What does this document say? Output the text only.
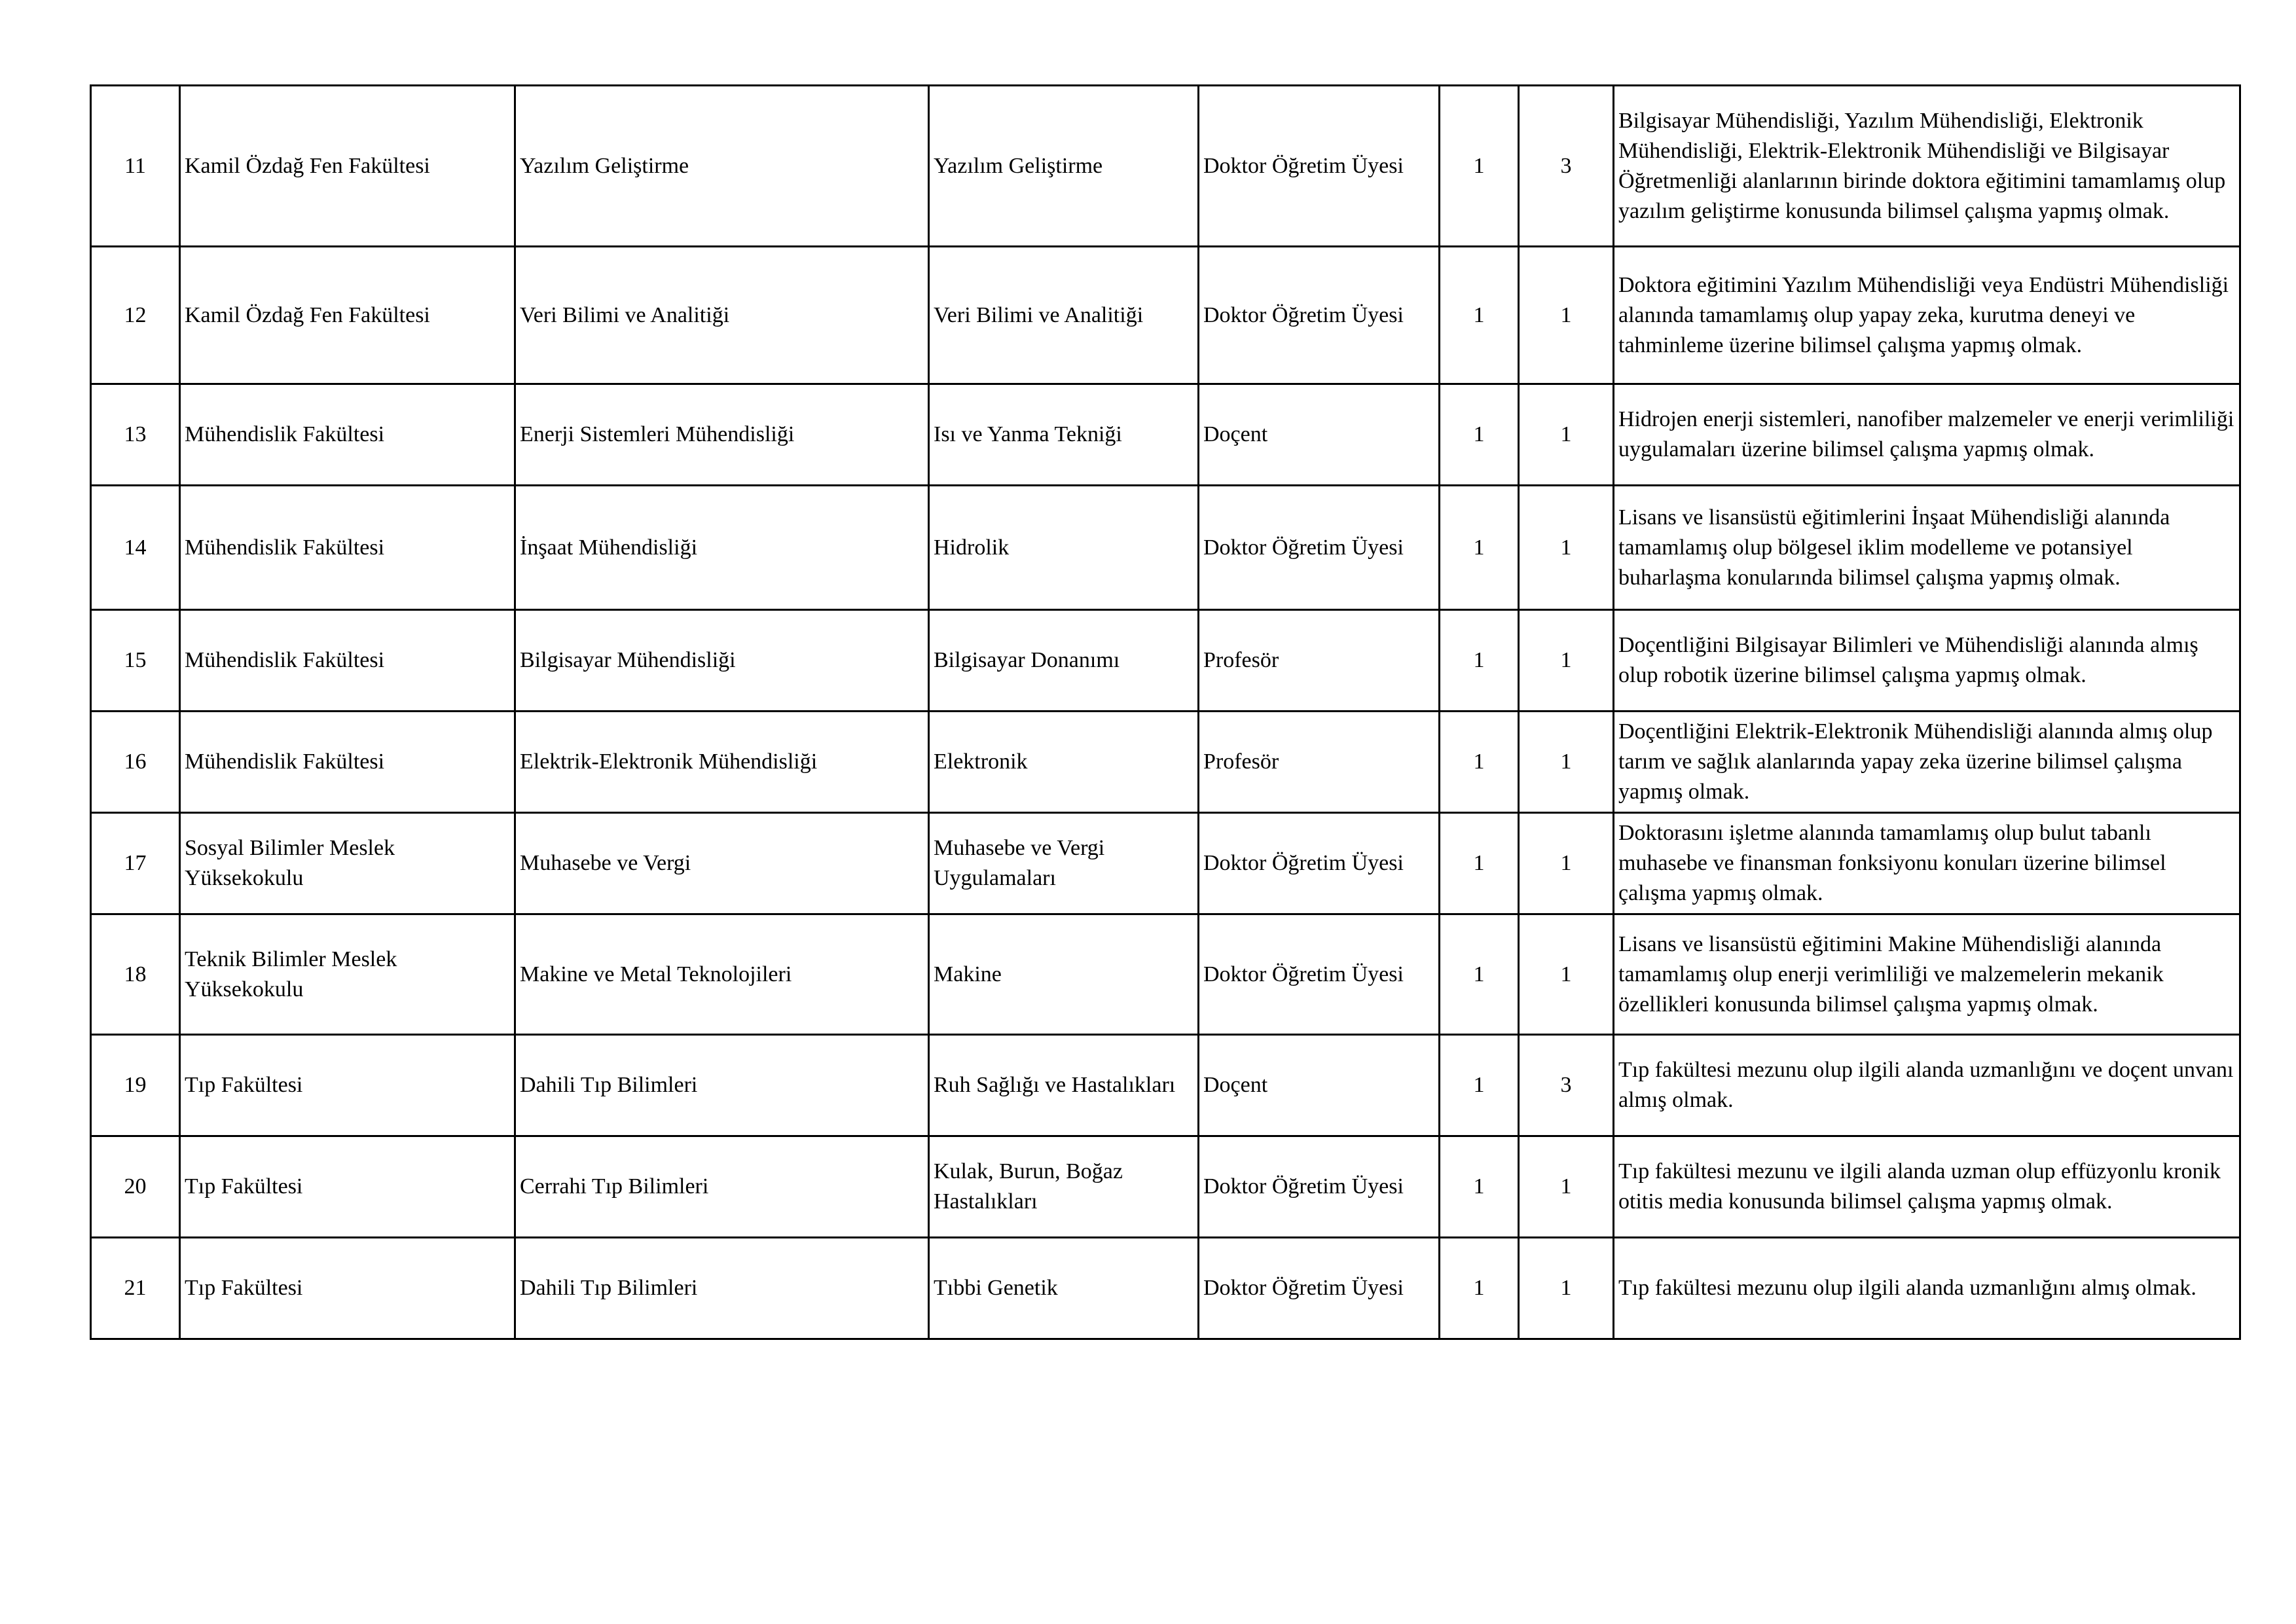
11	Kamil Özdağ Fen Fakültesi	Yazılım Geliştirme	Yazılım Geliştirme	Doktor Öğretim Üyesi	1	3	Bilgisayar Mühendisliği, Yazılım Mühendisliği, Elektronik Mühendisliği, Elektrik-Elektronik Mühendisliği ve Bilgisayar Öğretmenliği alanlarının birinde doktora eğitimini tamamlamış olup yazılım geliştirme konusunda bilimsel çalışma yapmış olmak.
12	Kamil Özdağ Fen Fakültesi	Veri Bilimi ve Analitiği	Veri Bilimi ve Analitiği	Doktor Öğretim Üyesi	1	1	Doktora eğitimini Yazılım Mühendisliği veya Endüstri Mühendisliği alanında tamamlamış olup yapay zeka, kurutma deneyi ve tahminleme üzerine bilimsel çalışma yapmış olmak.
13	Mühendislik Fakültesi	Enerji Sistemleri Mühendisliği	Isı ve Yanma Tekniği	Doçent	1	1	Hidrojen enerji sistemleri, nanofiber malzemeler ve enerji verimliliği uygulamaları üzerine bilimsel çalışma yapmış olmak.
14	Mühendislik Fakültesi	İnşaat Mühendisliği	Hidrolik	Doktor Öğretim Üyesi	1	1	Lisans ve lisansüstü eğitimlerini İnşaat Mühendisliği alanında tamamlamış olup bölgesel iklim modelleme ve potansiyel buharlaşma konularında bilimsel çalışma yapmış olmak.
15	Mühendislik Fakültesi	Bilgisayar Mühendisliği	Bilgisayar Donanımı	Profesör	1	1	Doçentliğini Bilgisayar Bilimleri ve Mühendisliği alanında almış olup robotik üzerine bilimsel çalışma yapmış olmak.
16	Mühendislik Fakültesi	Elektrik-Elektronik Mühendisliği	Elektronik	Profesör	1	1	Doçentliğini Elektrik-Elektronik Mühendisliği alanında almış olup tarım ve sağlık alanlarında yapay zeka üzerine bilimsel çalışma yapmış olmak.
17	Sosyal Bilimler Meslek Yüksekokulu	Muhasebe ve Vergi	Muhasebe ve Vergi Uygulamaları	Doktor Öğretim Üyesi	1	1	Doktorasını işletme alanında tamamlamış olup bulut tabanlı muhasebe ve finansman fonksiyonu konuları üzerine bilimsel çalışma yapmış olmak.
18	Teknik Bilimler Meslek Yüksekokulu	Makine ve Metal Teknolojileri	Makine	Doktor Öğretim Üyesi	1	1	Lisans ve lisansüstü eğitimini Makine Mühendisliği alanında tamamlamış olup enerji verimliliği ve malzemelerin mekanik özellikleri konusunda bilimsel çalışma yapmış olmak.
19	Tıp Fakültesi	Dahili Tıp Bilimleri	Ruh Sağlığı ve Hastalıkları	Doçent	1	3	Tıp fakültesi mezunu olup ilgili alanda uzmanlığını ve doçent unvanı almış olmak.
20	Tıp Fakültesi	Cerrahi Tıp Bilimleri	Kulak, Burun, Boğaz Hastalıkları	Doktor Öğretim Üyesi	1	1	Tıp fakültesi mezunu ve ilgili alanda uzman olup effüzyonlu kronik otitis media konusunda bilimsel çalışma yapmış olmak.
21	Tıp Fakültesi	Dahili Tıp Bilimleri	Tıbbi Genetik	Doktor Öğretim Üyesi	1	1	Tıp fakültesi mezunu olup ilgili alanda uzmanlığını almış olmak.
